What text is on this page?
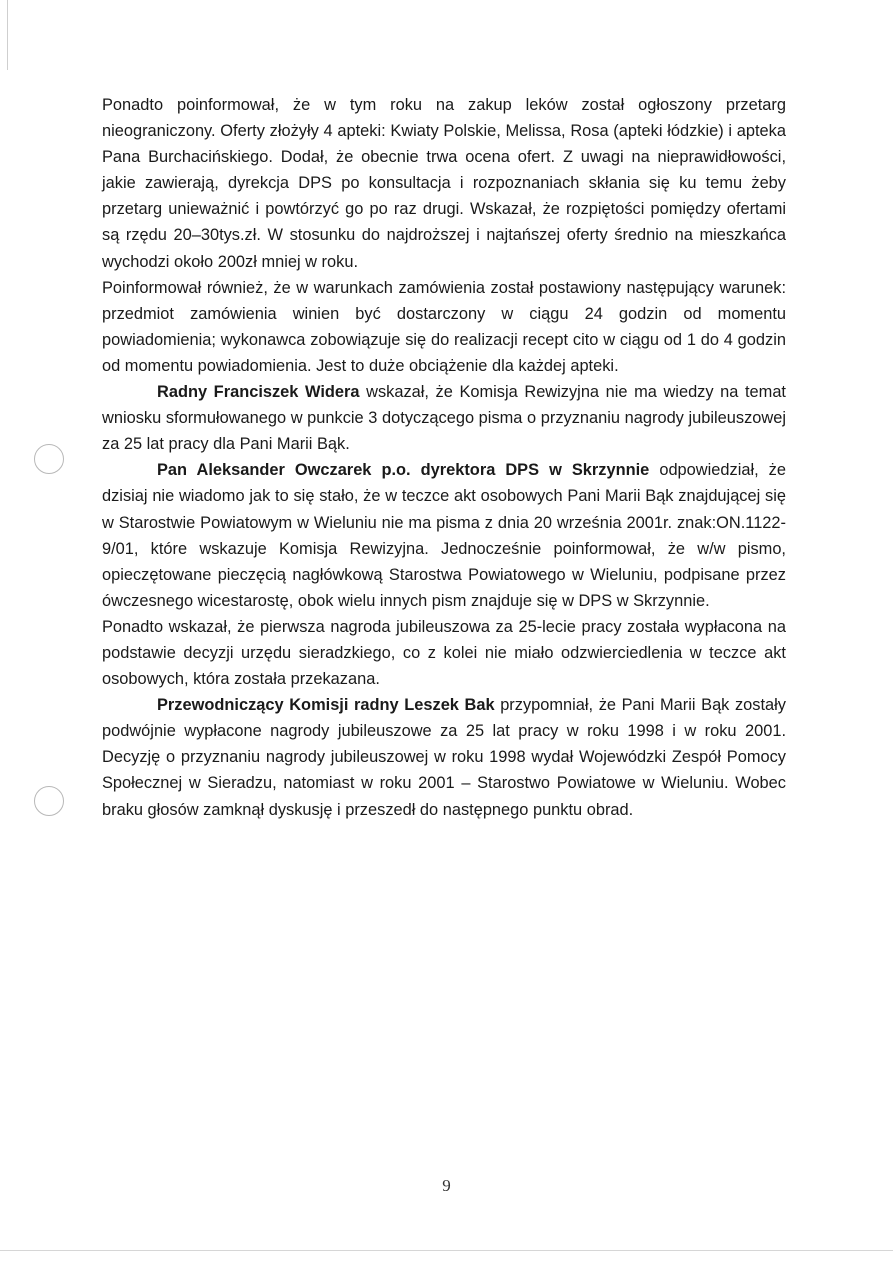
Ponadto poinformował, że w tym roku na zakup leków został ogłoszony przetarg nieograniczony. Oferty złożyły 4 apteki: Kwiaty Polskie, Melissa, Rosa (apteki łódzkie) i apteka Pana Burchacińskiego. Dodał, że obecnie trwa ocena ofert. Z uwagi na nieprawidłowości, jakie zawierają, dyrekcja DPS po konsultacja i rozpoznaniach skłania się ku temu żeby przetarg unieważnić i powtórzyć go po raz drugi. Wskazał, że rozpiętości pomiędzy ofertami są rzędu 20–30tys.zł. W stosunku do najdroższej i najtańszej oferty średnio na mieszkańca wychodzi około 200zł mniej w roku.

Poinformował również, że w warunkach zamówienia został postawiony następujący warunek: przedmiot zamówienia winien być dostarczony w ciągu 24 godzin od momentu powiadomienia; wykonawca zobowiązuje się do realizacji recept cito w ciągu od 1 do 4 godzin od momentu powiadomienia. Jest to duże obciążenie dla każdej apteki.

Radny Franciszek Widera wskazał, że Komisja Rewizyjna nie ma wiedzy na temat wniosku sformułowanego w punkcie 3 dotyczącego pisma o przyznaniu nagrody jubileuszowej za 25 lat pracy dla Pani Marii Bąk.

Pan Aleksander Owczarek p.o. dyrektora DPS w Skrzynnie odpowiedział, że dzisiaj nie wiadomo jak to się stało, że w teczce akt osobowych Pani Marii Bąk znajdującej się w Starostwie Powiatowym w Wieluniu nie ma pisma z dnia 20 września 2001r. znak:ON.1122-9/01, które wskazuje Komisja Rewizyjna. Jednocześnie poinformował, że w/w pismo, opieczętowane pieczęcią nagłówkową Starostwa Powiatowego w Wieluniu, podpisane przez ówczesnego wicestarostę, obok wielu innych pism znajduje się w DPS w Skrzynnie.

Ponadto wskazał, że pierwsza nagroda jubileuszowa za 25-lecie pracy została wypłacona na podstawie decyzji urzędu sieradzkiego, co z kolei nie miało odzwierciedlenia w teczce akt osobowych, która została przekazana.

Przewodniczący Komisji radny Leszek Bak przypomniał, że Pani Marii Bąk zostały podwójnie wypłacone nagrody jubileuszowe za 25 lat pracy w roku 1998 i w roku 2001. Decyzję o przyznaniu nagrody jubileuszowej w roku 1998 wydał Wojewódzki Zespół Pomocy Społecznej w Sieradzu, natomiast w roku 2001 – Starostwo Powiatowe w Wieluniu. Wobec braku głosów zamknął dyskusję i przeszedł do następnego punktu obrad.

9
